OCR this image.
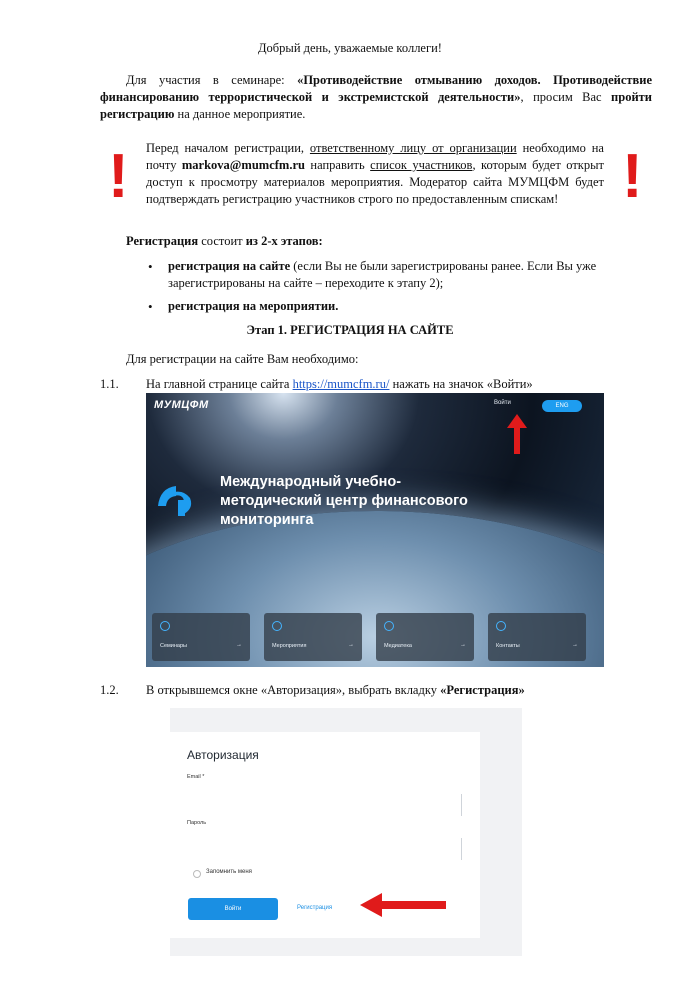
Добрый день, уважаемые коллеги!
Для участия в семинаре: «Противодействие отмыванию доходов. Противодействие финансированию террористической и экстремистской деятельности», просим Вас пройти регистрацию на данное мероприятие.
!	!
Перед началом регистрации, ответственному лицу от организации необходимо на почту markova@mumcfm.ru направить список участников, которым будет открыт доступ к просмотру материалов мероприятия. Модератор сайта МУМЦФМ будет подтверждать регистрацию участников строго по предоставленным спискам!
Регистрация состоит из 2-х этапов:
• регистрация на сайте (если Вы не были зарегистрированы ранее. Если Вы уже зарегистрированы на сайте – переходите к этапу 2);
• регистрация на мероприятии.
Этап 1. РЕГИСТРАЦИЯ НА САЙТЕ
Для регистрации на сайте Вам необходимо:
1.1. На главной странице сайта https://mumcfm.ru/ нажать на значок «Войти»
МУМЦФМ	Войти	ENG
Международный учебно-методический центр финансового мониторинга
Семинары	→	Мероприятия	→	Медиатека	→	Контакты	→
1.2. В открывшемся окне «Авторизация», выбрать вкладку «Регистрация»
Авторизация
Email *
Пароль
Запомнить меня
Войти	Регистрация
